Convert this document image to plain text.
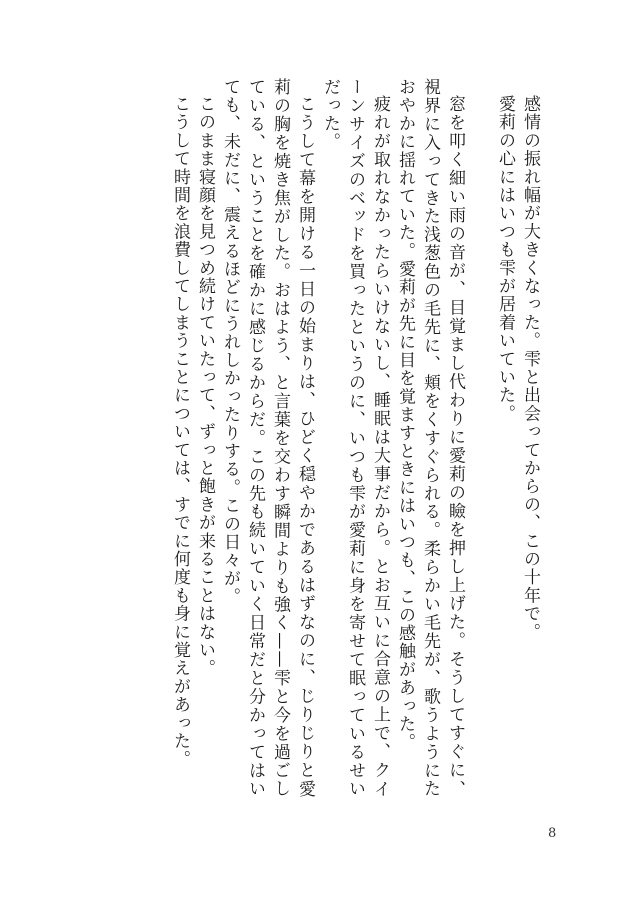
感情の振れ幅が大きくなった。雫と出会ってからの、この十年で。

愛莉の心にはいつも雫が居着いていた。

窓を叩く細い雨の音が、目覚まし代わりに愛莉の瞼を押し上げた。そうしてすぐに、視界に入ってきた浅葱色の毛先に、頬をくすぐられる。柔らかい毛先が、歌うようにたおやかに揺れていた。愛莉が先に目を覚ますときにはいつも、この感触があった。

疲れが取れなかったらいけないし、睡眠は大事だから。とお互いに合意の上で、クイーンサイズのベッドを買ったというのに、いつも雫が愛莉に身を寄せて眠っているせいだった。

こうして幕を開ける一日の始まりは、ひどく穏やかであるはずなのに、じりじりと愛莉の胸を焼き焦がした。おはよう、と言葉を交わす瞬間よりも強く——雫と今を過ごしている、ということを確かに感じるからだ。この先も続いていく日常だと分かってはいても、未だに、震えるほどにうれしかったりする。この日々が。

このまま寝顔を見つめ続けていたって、ずっと飽きが来ることはない。

こうして時間を浪費してしまうことについては、すでに何度も身に覚えがあった。

8
